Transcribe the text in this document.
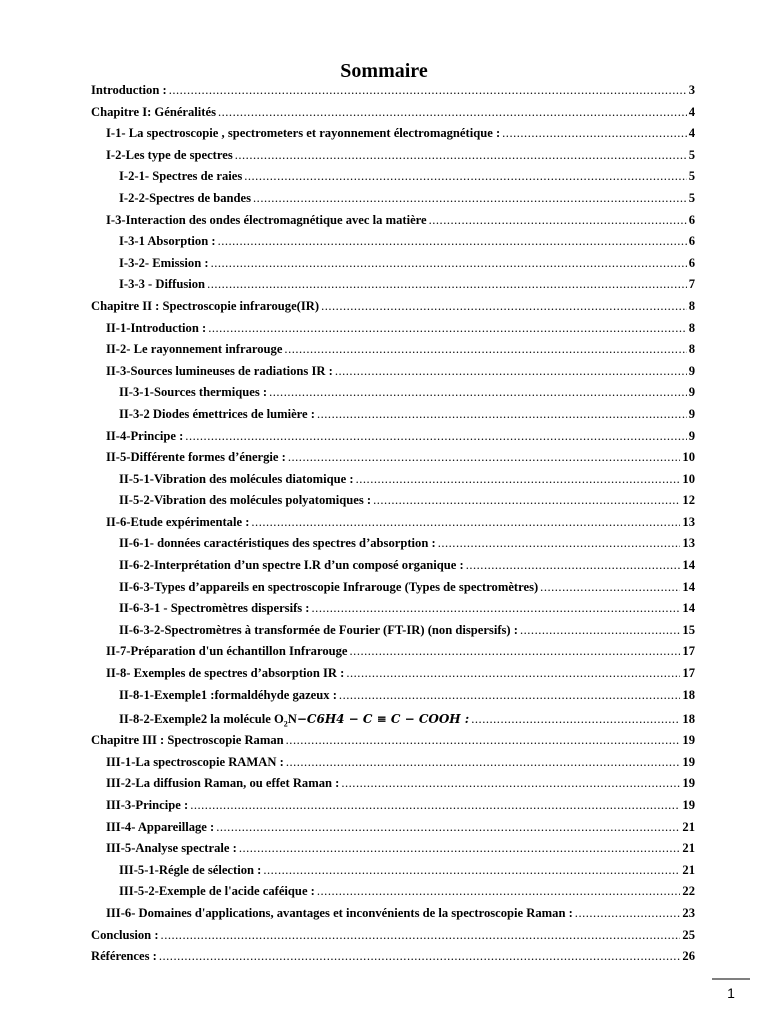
Sommaire
Introduction : .....	3
Chapitre I: Généralités .....	4
I-1- La spectroscopie , spectrometers et rayonnement électromagnétique : .....	4
I-2-Les type de spectres .....	5
I-2-1- Spectres de raies .....	5
I-2-2-Spectres de bandes .....	5
I-3-Interaction des ondes électromagnétique avec la matière .....	6
I-3-1 Absorption : .....	6
I-3-2- Emission : .....	6
I-3-3 - Diffusion .....	7
Chapitre II : Spectroscopie infrarouge(IR) .....	8
II-1-Introduction : .....	8
II-2- Le rayonnement infrarouge .....	8
II-3-Sources lumineuses de radiations IR : .....	9
II-3-1-Sources thermiques : .....	9
II-3-2 Diodes émettrices de lumière : .....	9
II-4-Principe : .....	9
II-5-Différente formes d’énergie : .....	10
II-5-1-Vibration des molécules diatomique : .....	10
II-5-2-Vibration des molécules polyatomiques : .....	12
II-6-Etude expérimentale : .....	13
II-6-1- données caractéristiques des spectres d’absorption : .....	13
II-6-2-Interprétation d’un spectre I.R d’un composé organique : .....	14
II-6-3-Types d’appareils en spectroscopie Infrarouge (Types de spectromètres) .....	14
II-6-3-1 - Spectromètres dispersifs : .....	14
II-6-3-2-Spectromètres à transformée de Fourier (FT-IR) (non dispersifs) : .....	15
II-7-Préparation d'un échantillon Infrarouge .....	17
II-8- Exemples de spectres d’absorption IR : .....	17
II-8-1-Exemple1 :formaldéhyde gazeux : .....	18
II-8-2-Exemple2 la molécule $O_2N-C6H4 - C \equiv C$ − COOH : .....	18
Chapitre III : Spectroscopie Raman .....	19
III-1-La spectroscopie RAMAN : .....	19
III-2-La diffusion Raman, ou effet Raman : .....	19
III-3-Principe : .....	19
III-4- Appareillage : .....	21
III-5-Analyse spectrale : .....	21
III-5-1-Régle de sélection : .....	21
III-5-2-Exemple de l'acide caféique : .....	22
III-6- Domaines d'applications, avantages et inconvénients de la spectroscopie Raman : .....	23
Conclusion : .....	25
Références : .....	26
1
